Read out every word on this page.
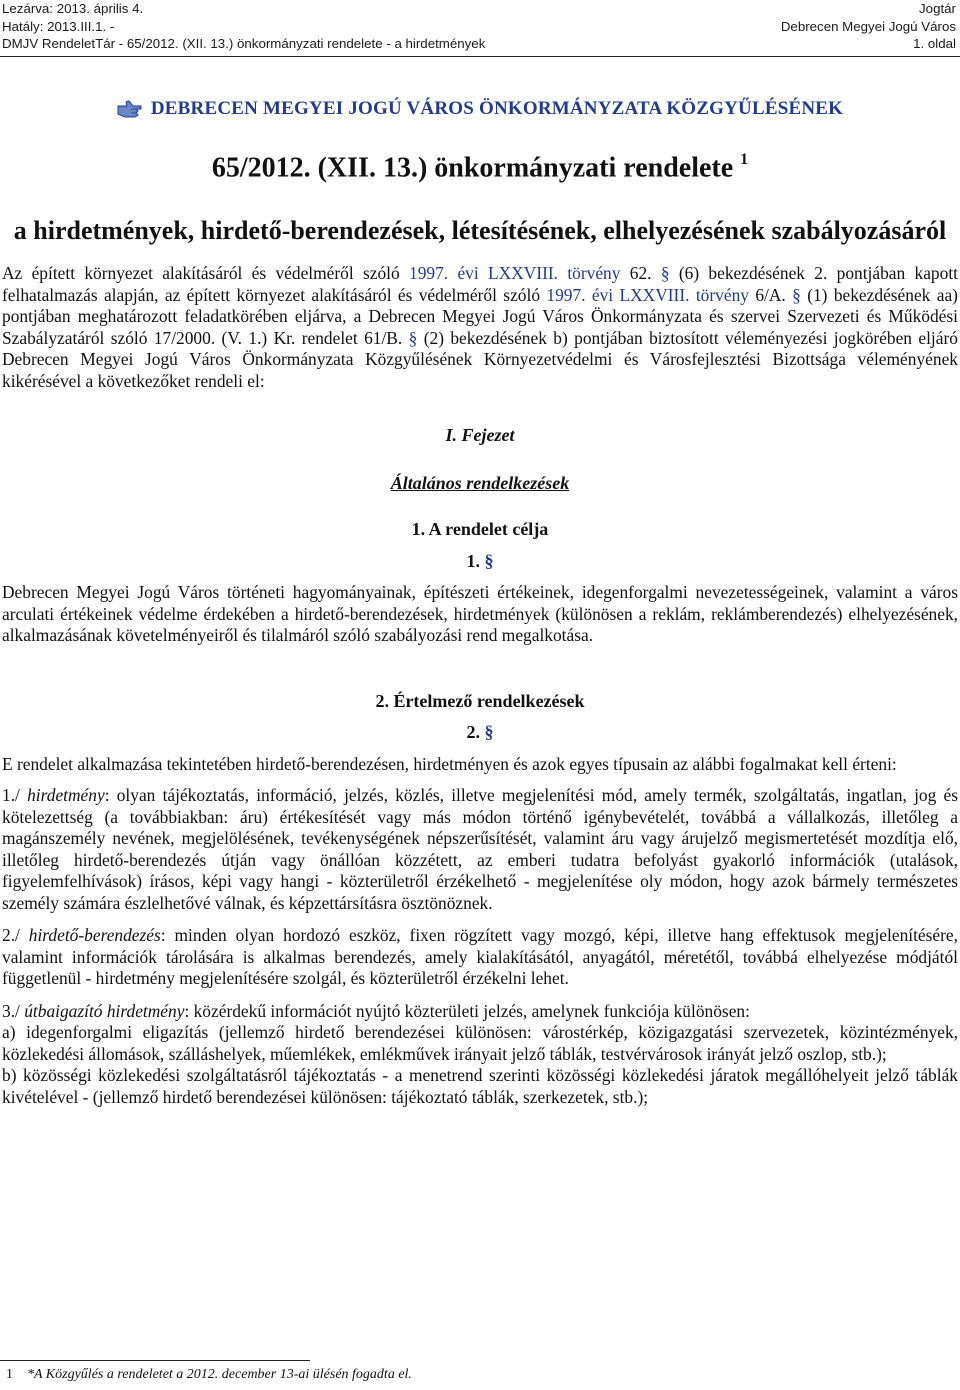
Lezárva: 2013. április 4.
Hatály: 2013.III.1. -
DMJV RendeletTár - 65/2012. (XII. 13.) önkormányzati rendelete - a hirdetmények
Jogtár
Debrecen Megyei Jogú Város
1. oldal
DEBRECEN MEGYEI JOGÚ VÁROS ÖNKORMÁNYZATA KÖZGYŰLÉSÉNEK
65/2012. (XII. 13.) önkormányzati rendelete $^1$
a hirdetmények, hirdető-berendezések, létesítésének, elhelyezésének szabályozásáról

Az épített környezet alakításáról és védelméről szóló 1997. évi LXXVIII. törvény 62. § (6) bekezdésének 2. pontjában kapott felhatalmazás alapján, az épített környezet alakításáról és védelméről szóló 1997. évi LXXVIII. törvény 6/A. § (1) bekezdésének aa) pontjában meghatározott feladatkörében eljárva, a Debrecen Megyei Jogú Város Önkormányzata és szervei Szervezeti és Működési Szabályzatáról szóló 17/2000. (V. 1.) Kr. rendelet 61/B. § (2) bekezdésének b) pontjában biztosított véleményezési jogkörében eljáró Debrecen Megyei Jogú Város Önkormányzata Közgyűlésének Környezetvédelmi és Városfejlesztési Bizottsága véleményének kikérésével a következőket rendeli el:

I. Fejezet

Általános rendelkezések

1. A rendelet célja

1. §

Debrecen Megyei Jogú Város történeti hagyományainak, építészeti értékeinek, idegenforgalmi nevezetességeinek, valamint a város arculati értékeinek védelme érdekében a hirdető-berendezések, hirdetmények (különösen a reklám, reklámberendezés) elhelyezésének, alkalmazásának követelményeiről és tilalmáról szóló szabályozási rend megalkotása.

2. Értelmező rendelkezések

2. §

E rendelet alkalmazása tekintetében hirdető-berendezésen, hirdetményen és azok egyes típusain az alábbi fogalmakat kell érteni:

1./ hirdetmény: olyan tájékoztatás, információ, jelzés, közlés, illetve megjelenítési mód, amely termék, szolgáltatás, ingatlan, jog és kötelezettség (a továbbiakban: áru) értékesítését vagy más módon történő igénybevételét, továbbá a vállalkozás, illetőleg a magánszemély nevének, megjelölésének, tevékenységének népszerűsítését, valamint áru vagy árujelző megismertetését mozdítja elő, illetőleg hirdető-berendezés útján vagy önállóan közzétett, az emberi tudatra befolyást gyakorló információk (utalások, figyelemfelhívások) írásos, képi vagy hangi - közterületről érzékelhető - megjelenítése oly módon, hogy azok bármely természetes személy számára észlelhetővé válnak, és képzettársításra ösztönöznek.

2./ hirdető-berendezés: minden olyan hordozó eszköz, fixen rögzített vagy mozgó, képi, illetve hang effektusok megjelenítésére, valamint információk tárolására is alkalmas berendezés, amely kialakításától, anyagától, méretétől, továbbá elhelyezése módjától függetlenül - hirdetmény megjelenítésére szolgál, és közterületről érzékelni lehet.

3./ útbaigazító hirdetmény: közérdekű információt nyújtó közterületi jelzés, amelynek funkciója különösen:

a) idegenforgalmi eligazítás (jellemző hirdető berendezései különösen: várostérkép, közigazgatási szervezetek, közintézmények, közlekedési állomások, szálláshelyek, műemlékek, emlékművek irányait jelző táblák, testvérvárosok irányát jelző oszlop, stb.);

b) közösségi közlekedési szolgáltatásról tájékoztatás - a menetrend szerinti közösségi közlekedési járatok megállóhelyeit jelző táblák kivételével - (jellemző hirdető berendezései különösen: tájékoztató táblák, szerkezetek, stb.);

1 *A Közgyűlés a rendeletet a 2012. december 13-ai ülésén fogadta el.
